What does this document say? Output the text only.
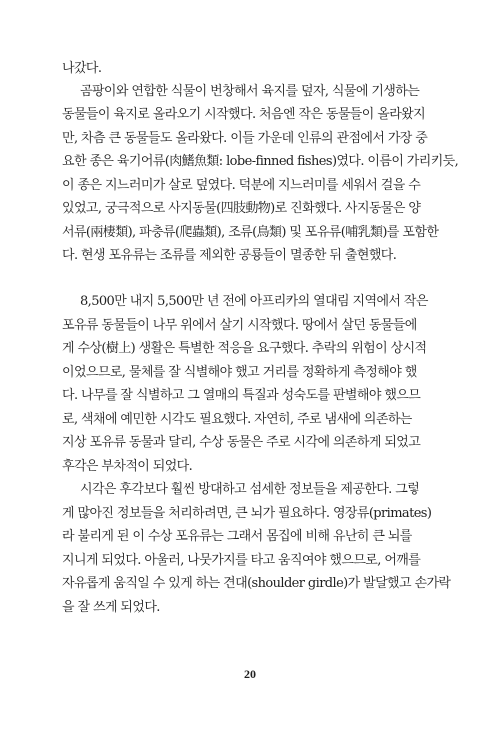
나갔다.
곰팡이와 연합한 식물이 번창해서 육지를 덮자, 식물에 기생하는
동물들이 육지로 올라오기 시작했다. 처음엔 작은 동물들이 올라왔지
만, 차츰 큰 동물들도 올라왔다. 이들 가운데 인류의 관점에서 가장 중
요한 종은 육기어류(肉鰭魚類: lobe-finned fishes)였다. 이름이 가리키듯,
이 종은 지느러미가 살로 덮였다. 덕분에 지느러미를 세워서 걸을 수
있었고, 궁극적으로 사지동물(四肢動物)로 진화했다. 사지동물은 양
서류(兩棲類), 파충류(爬蟲類), 조류(鳥類) 및 포유류(哺乳類)를 포함한
다. 현생 포유류는 조류를 제외한 공룡들이 멸종한 뒤 출현했다.
8,500만 내지 5,500만 년 전에 아프리카의 열대림 지역에서 작은
포유류 동물들이 나무 위에서 살기 시작했다. 땅에서 살던 동물들에
게 수상(樹上) 생활은 특별한 적응을 요구했다. 추락의 위험이 상시적
이었으므로, 물체를 잘 식별해야 했고 거리를 정확하게 측정해야 했
다. 나무를 잘 식별하고 그 열매의 특질과 성숙도를 판별해야 했으므
로, 색채에 예민한 시각도 필요했다. 자연히, 주로 냄새에 의존하는
지상 포유류 동물과 달리, 수상 동물은 주로 시각에 의존하게 되었고
후각은 부차적이 되었다.
시각은 후각보다 훨씬 방대하고 섬세한 정보들을 제공한다. 그렇
게 많아진 정보들을 처리하려면, 큰 뇌가 필요하다. 영장류(primates)
라 불리게 된 이 수상 포유류는 그래서 몸집에 비해 유난히 큰 뇌를
지니게 되었다. 아울러, 나뭇가지를 타고 움직여야 했으므로, 어깨를
자유롭게 움직일 수 있게 하는 견대(shoulder girdle)가 발달했고 손가락
을 잘 쓰게 되었다.
20
